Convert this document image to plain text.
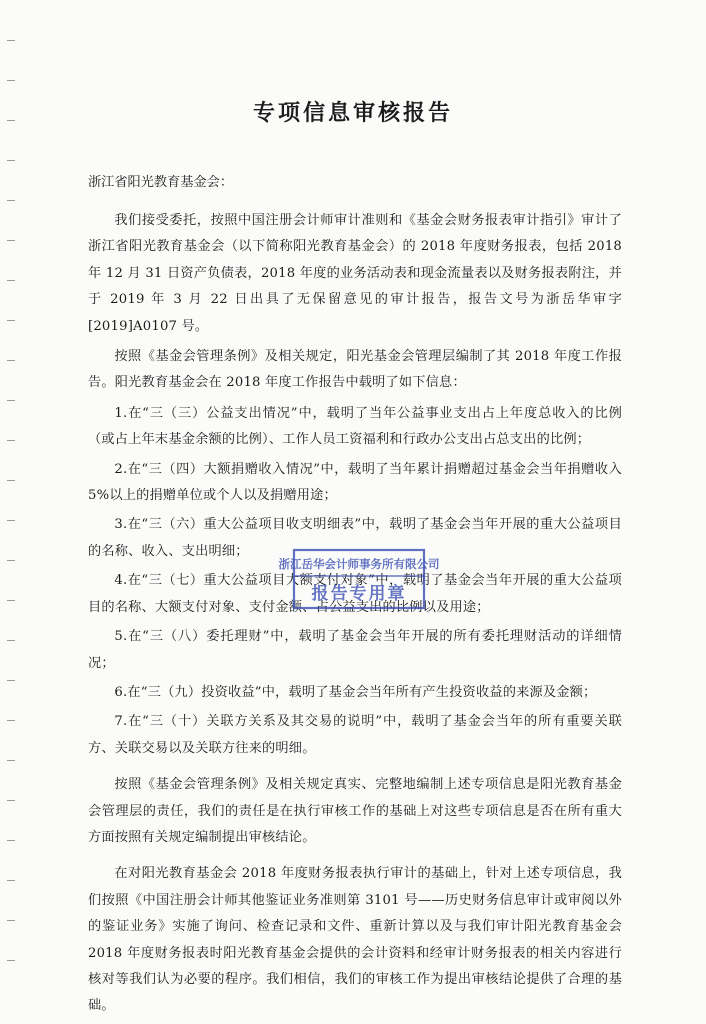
专项信息审核报告

浙江省阳光教育基金会：

我们接受委托，按照中国注册会计师审计准则和《基金会财务报表审计指引》审计了浙江省阳光教育基金会（以下简称阳光教育基金会）的 2018 年度财务报表，包括 2018 年 12 月 31 日资产负债表，2018 年度的业务活动表和现金流量表以及财务报表附注，并于 2019 年 3 月 22 日出具了无保留意见的审计报告，报告文号为浙岳华审字[2019]A0107 号。

按照《基金会管理条例》及相关规定，阳光基金会管理层编制了其 2018 年度工作报告。阳光教育基金会在 2018 年度工作报告中载明了如下信息：

1.在“三（三）公益支出情况”中，载明了当年公益事业支出占上年度总收入的比例（或占上年末基金余额的比例）、工作人员工资福利和行政办公支出占总支出的比例；

2.在“三（四）大额捐赠收入情况”中，载明了当年累计捐赠超过基金会当年捐赠收入 5%以上的捐赠单位或个人以及捐赠用途；

3.在“三（六）重大公益项目收支明细表”中，载明了基金会当年开展的重大公益项目的名称、收入、支出明细；

4.在“三（七）重大公益项目大额支付对象”中，载明了基金会当年开展的重大公益项目的名称、大额支付对象、支付金额、占公益支出的比例以及用途；

5.在“三（八）委托理财”中，载明了基金会当年开展的所有委托理财活动的详细情况；

6.在“三（九）投资收益”中，载明了基金会当年所有产生投资收益的来源及金额；

7.在“三（十）关联方关系及其交易的说明”中，载明了基金会当年的所有重要关联方、关联交易以及关联方往来的明细。

按照《基金会管理条例》及相关规定真实、完整地编制上述专项信息是阳光教育基金会管理层的责任，我们的责任是在执行审核工作的基础上对这些专项信息是否在所有重大方面按照有关规定编制提出审核结论。

在对阳光教育基金会 2018 年度财务报表执行审计的基础上，针对上述专项信息，我们按照《中国注册会计师其他鉴证业务准则第 3101 号——历史财务信息审计或审阅以外的鉴证业务》实施了询问、检查记录和文件、重新计算以及与我们审计阳光教育基金会 2018 年度财务报表时阳光教育基金会提供的会计资料和经审计财务报表的相关内容进行核对等我们认为必要的程序。我们相信，我们的审核工作为提出审核结论提供了合理的基础。

浙江岳华会计师事务所有限公司
报告专用章
